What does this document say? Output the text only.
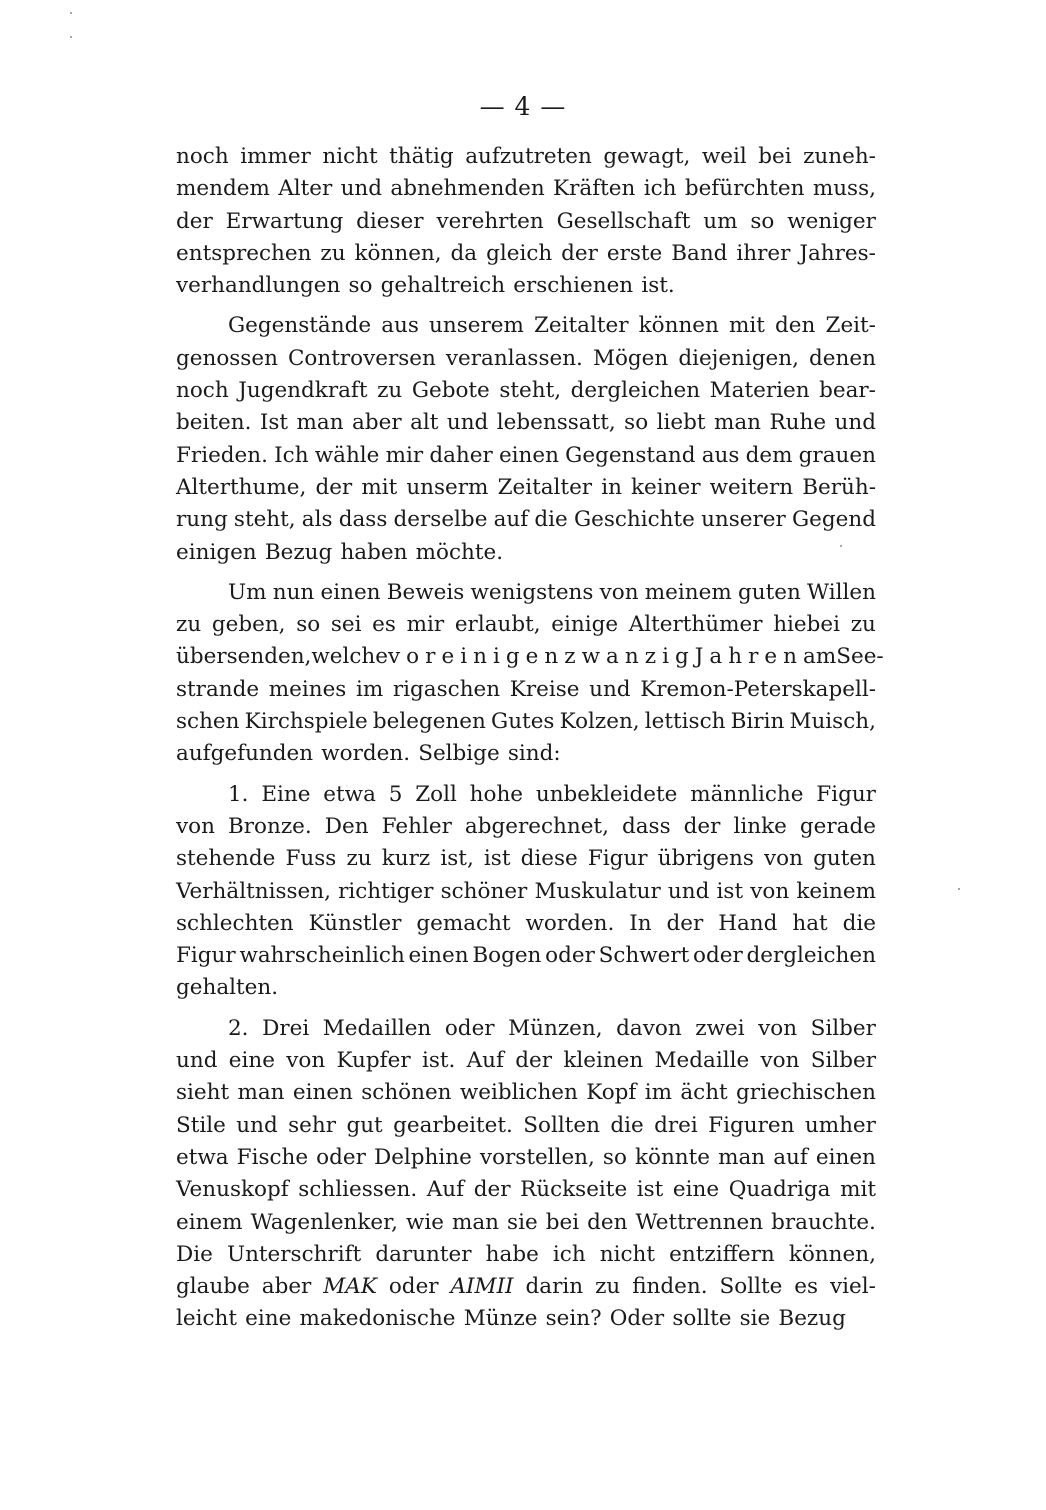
— 4 —
noch immer nicht thätig aufzutreten gewagt, weil bei zuneh-
mendem Alter und abnehmenden Kräften ich befürchten muss,
der Erwartung dieser verehrten Gesellschaft um so weniger
entsprechen zu können, da gleich der erste Band ihrer Jahres-
verhandlungen so gehaltreich erschienen ist.
Gegenstände aus unserem Zeitalter können mit den Zeit-
genossen Controversen veranlassen. Mögen diejenigen, denen
noch Jugendkraft zu Gebote steht, dergleichen Materien bear-
beiten. Ist man aber alt und lebenssatt, so liebt man Ruhe und
Frieden. Ich wähle mir daher einen Gegenstand aus dem grauen
Alterthume, der mit unserm Zeitalter in keiner weitern Berüh-
rung steht, als dass derselbe auf die Geschichte unserer Gegend
einigen Bezug haben möchte.
Um nun einen Beweis wenigstens von meinem guten Willen
zu geben, so sei es mir erlaubt, einige Alterthümer hiebei zu
übersenden, welche vor einigen zwanzig Jahren am See-
strande meines im rigaschen Kreise und Kremon-Peterskapell-
schen Kirchspiele belegenen Gutes Kolzen, lettisch Birin Muisch,
aufgefunden worden. Selbige sind:
1. Eine etwa 5 Zoll hohe unbekleidete männliche Figur
von Bronze. Den Fehler abgerechnet, dass der linke gerade
stehende Fuss zu kurz ist, ist diese Figur übrigens von guten
Verhältnissen, richtiger schöner Muskulatur und ist von keinem
schlechten Künstler gemacht worden. In der Hand hat die
Figur wahrscheinlich einen Bogen oder Schwert oder dergleichen
gehalten.
2. Drei Medaillen oder Münzen, davon zwei von Silber
und eine von Kupfer ist. Auf der kleinen Medaille von Silber
sieht man einen schönen weiblichen Kopf im ächt griechischen
Stile und sehr gut gearbeitet. Sollten die drei Figuren umher
etwa Fische oder Delphine vorstellen, so könnte man auf einen
Venuskopf schliessen. Auf der Rückseite ist eine Quadriga mit
einem Wagenlenker, wie man sie bei den Wettrennen brauchte.
Die Unterschrift darunter habe ich nicht entziffern können,
glaube aber MAK oder AIMII darin zu finden. Sollte es viel-
leicht eine makedonische Münze sein? Oder sollte sie Bezug
